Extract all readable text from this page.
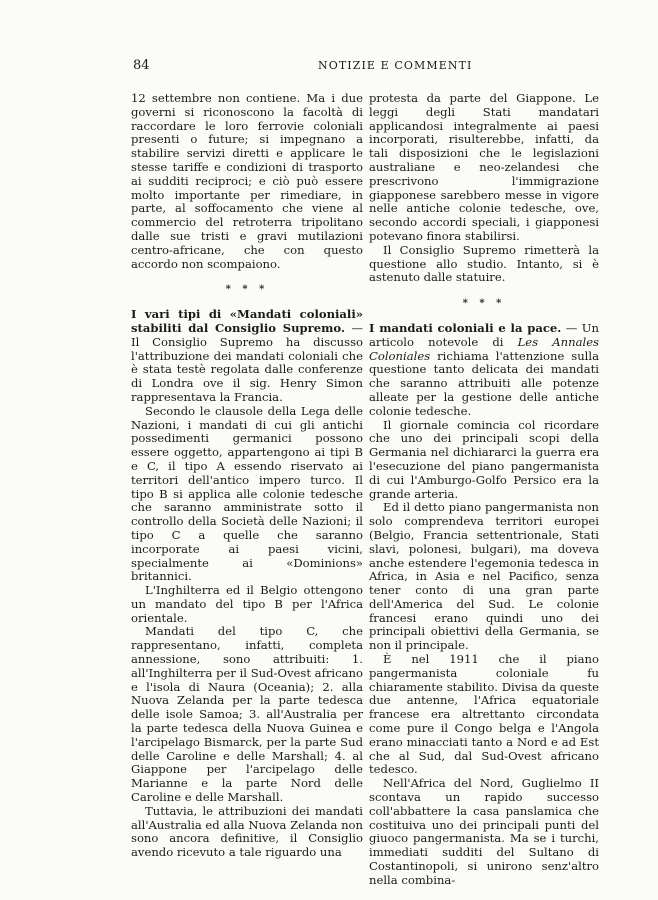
84	NOTIZIE E COMMENTI

12 settembre non contiene. Ma i due governi si riconoscono la facoltà di raccordare le loro ferrovie coloniali presenti o future; si impegnano a stabilire servizi diretti e applicare le stesse tariffe e condizioni di trasporto ai sudditi reciproci; e ciò può essere molto importante per rimediare, in parte, al soffocamento che viene al commercio del retroterra tripolitano dalle sue tristi e gravi mutilazioni centro-africane, che con questo accordo non scompaiono.

* * *

I vari tipi di «Mandati coloniali» stabiliti dal Consiglio Supremo. — Il Consiglio Supremo ha discusso l'attribuzione dei mandati coloniali che è stata testè regolata dalle conferenze di Londra ove il sig. Henry Simon rappresentava la Francia.

Secondo le clausole della Lega delle Nazioni, i mandati di cui gli antichi possedimenti germanici possono essere oggetto, appartengono ai tipi B e C, il tipo A essendo riservato ai territori dell'antico impero turco. Il tipo B si applica alle colonie tedesche che saranno amministrate sotto il controllo della Società delle Nazioni; il tipo C a quelle che saranno incorporate ai paesi vicini, specialmente ai «Dominions» britannici.

L'Inghilterra ed il Belgio ottengono un mandato del tipo B per l'Africa orientale.

Mandati del tipo C, che rappresentano, infatti, completa annessione, sono attribuiti: 1. all'Inghilterra per il Sud-Ovest africano e l'isola di Naura (Oceania); 2. alla Nuova Zelanda per la parte tedesca delle isole Samoa; 3. all'Australia per la parte tedesca della Nuova Guinea e l'arcipelago Bismarck, per la parte Sud delle Caroline e delle Marshall; 4. al Giappone per l'arcipelago delle Marianne e la parte Nord delle Caroline e delle Marshall.

Tuttavia, le attribuzioni dei mandati all'Australia ed alla Nuova Zelanda non sono ancora definitive, il Consiglio avendo ricevuto a tale riguardo una

protesta da parte del Giappone. Le leggi degli Stati mandatari applicandosi integralmente ai paesi incorporati, risulterebbe, infatti, da tali disposizioni che le legislazioni australiane e neo-zelandesi che prescrivono l'immigrazione giapponese sarebbero messe in vigore nelle antiche colonie tedesche, ove, secondo accordi speciali, i giapponesi potevano finora stabilirsi.

Il Consiglio Supremo rimetterà la questione allo studio. Intanto, si è astenuto dalle statuire.

* * *

I mandati coloniali e la pace. — Un articolo notevole di Les Annales Coloniales richiama l'attenzione sulla questione tanto delicata dei mandati che saranno attribuiti alle potenze alleate per la gestione delle antiche colonie tedesche.

Il giornale comincia col ricordare che uno dei principali scopi della Germania nel dichiararci la guerra era l'esecuzione del piano pangermanista di cui l'Amburgo-Golfo Persico era la grande arteria.

Ed il detto piano pangermanista non solo comprendeva territori europei (Belgio, Francia settentrionale, Stati slavi, polonesi, bulgari), ma doveva anche estendere l'egemonia tedesca in Africa, in Asia e nel Pacifico, senza tener conto di una gran parte dell'America del Sud. Le colonie francesi erano quindi uno dei principali obiettivi della Germania, se non il principale.

È nel 1911 che il piano pangermanista coloniale fu chiaramente stabilito. Divisa da queste due antenne, l'Africa equatoriale francese era altrettanto circondata come pure il Congo belga e l'Angola erano minacciati tanto a Nord e ad Est che al Sud, dal Sud-Ovest africano tedesco.

Nell'Africa del Nord, Guglielmo II scontava un rapido successo coll'abbattere la casa panslamica che costituiva uno dei principali punti del giuoco pangermanista. Ma se i turchi, immediati sudditi del Sultano di Costantinopoli, si unirono senz'altro nella combina-
